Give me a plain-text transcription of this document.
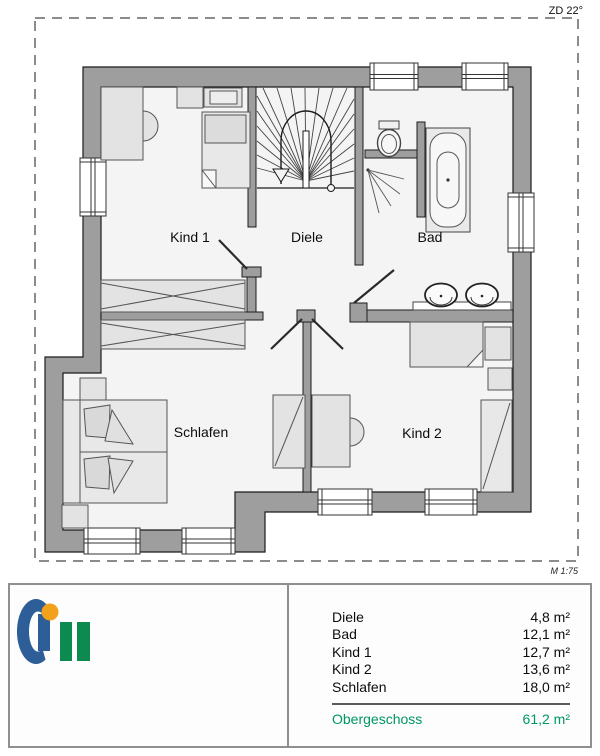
ZD 22°
M 1:75
Kind 1	Diele	Bad
Schlafen	Kind 2
Diele	4,8 m²
Bad	12,1 m²
Kind 1	12,7 m²
Kind 2	13,6 m²
Schlafen	18,0 m²
Obergeschoss	61,2 m²
